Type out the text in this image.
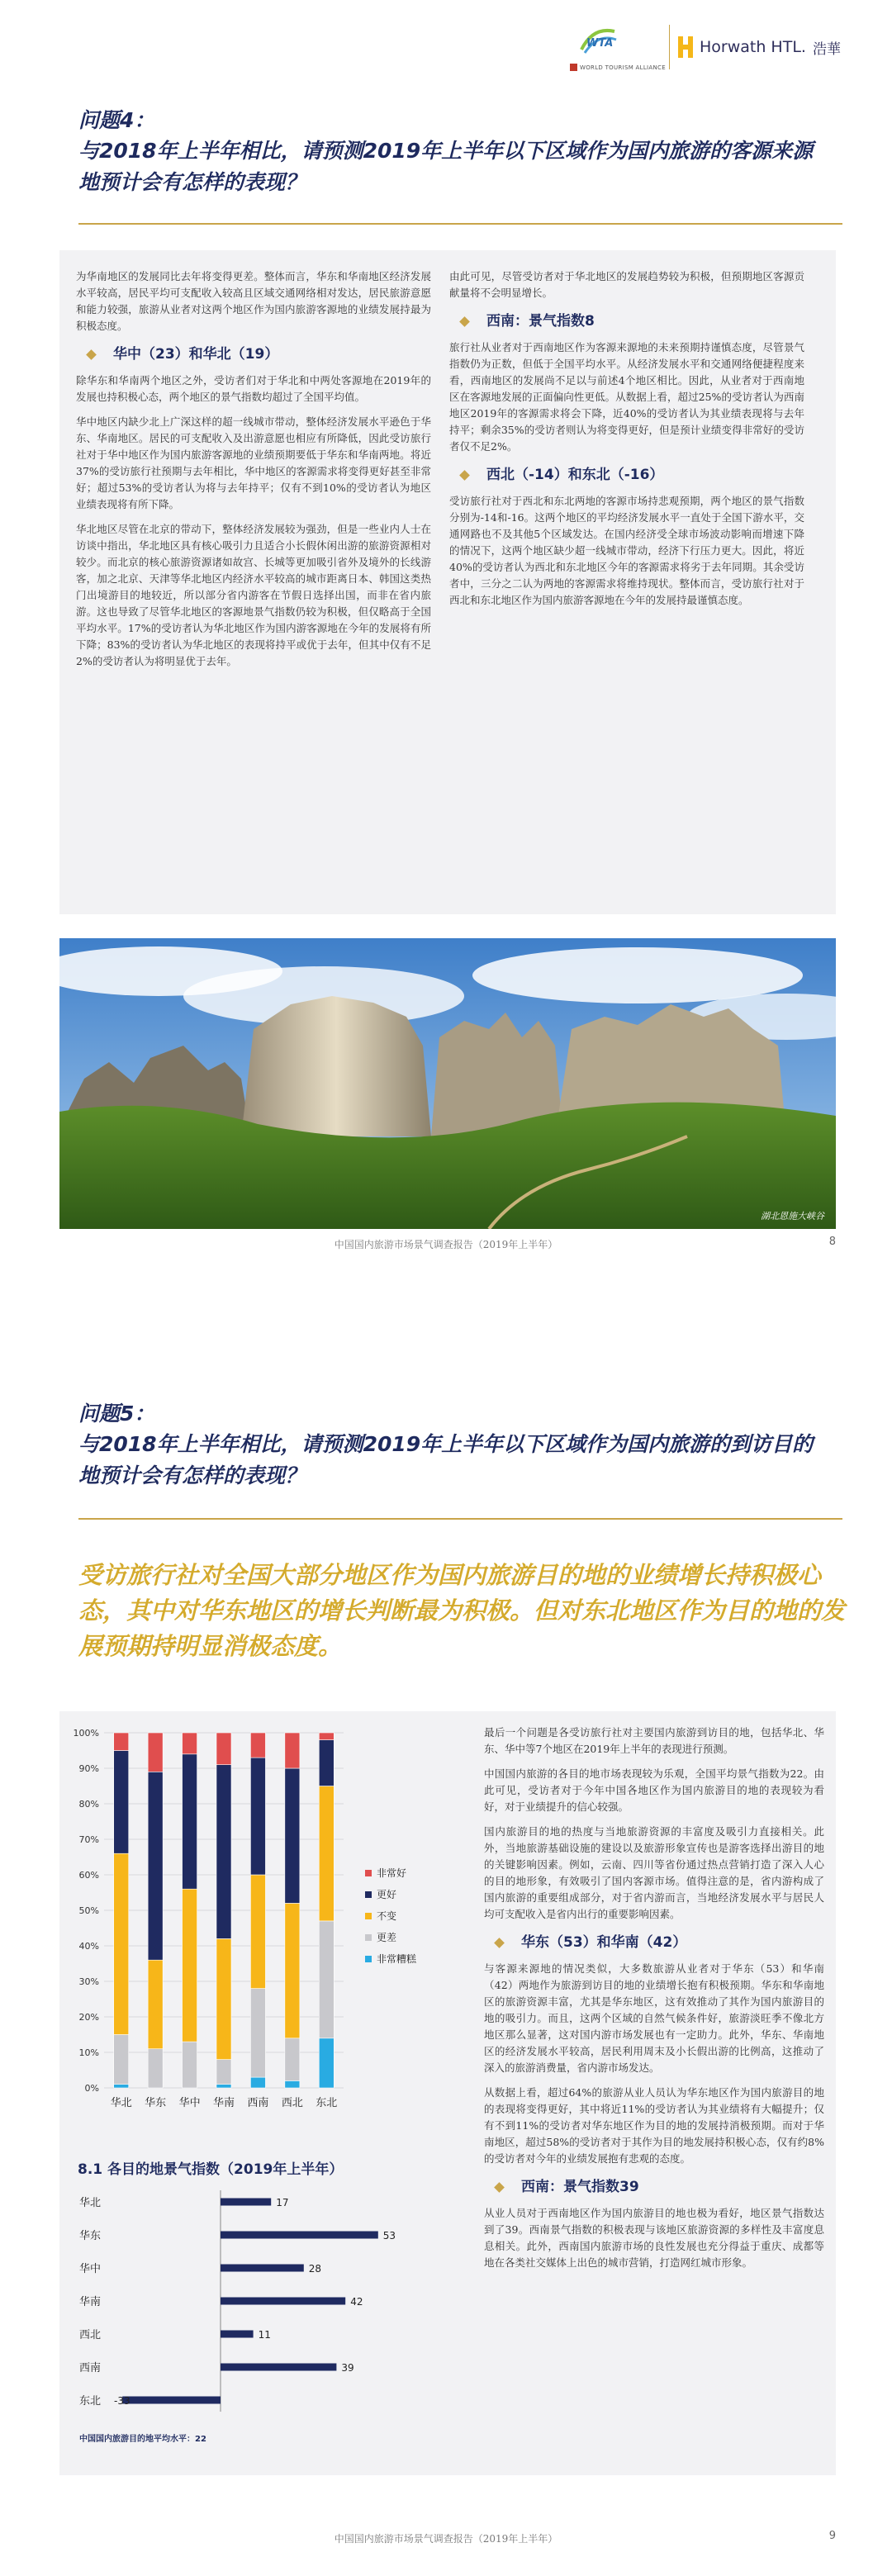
WTA
WORLD TOURISM ALLIANCE
Horwath HTL. 浩華
问题4：
与2018年上半年相比，请预测2019年上半年以下区域作为国内旅游的客源来源地预计会有怎样的表现？

为华南地区的发展同比去年将变得更差。整体而言，华东和华南地区经济发展水平较高，居民平均可支配收入较高且区域交通网络相对发达，居民旅游意愿和能力较强，旅游从业者对这两个地区作为国内旅游客源地的业绩发展持最为积极态度。

华中（23）和华北（19）

除华东和华南两个地区之外，受访者们对于华北和中两处客源地在2019年的发展也持积极心态，两个地区的景气指数均超过了全国平均值。

华中地区内缺少北上广深这样的超一线城市带动，整体经济发展水平逊色于华东、华南地区。居民的可支配收入及出游意愿也相应有所降低，因此受访旅行社对于华中地区作为国内旅游客源地的业绩预期要低于华东和华南两地。将近37%的受访旅行社预期与去年相比，华中地区的客源需求将变得更好甚至非常好；超过53%的受访者认为将与去年持平；仅有不到10%的受访者认为地区业绩表现将有所下降。

华北地区尽管在北京的带动下，整体经济发展较为强劲，但是一些业内人士在访谈中指出，华北地区具有核心吸引力且适合小长假休闲出游的旅游资源相对较少。而北京的核心旅游资源诸如故宫、长城等更加吸引省外及境外的长线游客，加之北京、天津等华北地区内经济水平较高的城市距离日本、韩国这类热门出境游目的地较近，所以部分省内游客在节假日选择出国，而非在省内旅游。这也导致了尽管华北地区的客源地景气指数仍较为积极，但仅略高于全国平均水平。17%的受访者认为华北地区作为国内游客源地在今年的发展将有所下降；83%的受访者认为华北地区的表现将持平或优于去年，但其中仅有不足2%的受访者认为将明显优于去年。

由此可见，尽管受访者对于华北地区的发展趋势较为积极，但预期地区客源贡献量将不会明显增长。

西南：景气指数8

旅行社从业者对于西南地区作为客源来源地的未来预期持谨慎态度，尽管景气指数仍为正数，但低于全国平均水平。从经济发展水平和交通网络便捷程度来看，西南地区的发展尚不足以与前述4个地区相比。因此，从业者对于西南地区在客源地发展的正面偏向性更低。从数据上看，超过25%的受访者认为西南地区2019年的客源需求将会下降，近40%的受访者认为其业绩表现将与去年持平；剩余35%的受访者则认为将变得更好，但是预计业绩变得非常好的受访者仅不足2%。

西北（-14）和东北（-16）

受访旅行社对于西北和东北两地的客源市场持悲观预期，两个地区的景气指数分别为-14和-16。这两个地区的平均经济发展水平一直处于全国下游水平，交通网路也不及其他5个区域发达。在国内经济受全球市场波动影响而增速下降的情况下，这两个地区缺少超一线城市带动，经济下行压力更大。因此，将近40%的受访者认为西北和东北地区今年的客源需求将劣于去年同期。其余受访者中，三分之二认为两地的客源需求将维持现状。整体而言，受访旅行社对于西北和东北地区作为国内旅游客源地在今年的发展持最谨慎态度。

湖北恩施大峡谷
中国国内旅游市场景气调查报告（2019年上半年）	8
问题5：
与2018年上半年相比，请预测2019年上半年以下区域作为国内旅游的到访目的地预计会有怎样的表现？
受访旅行社对全国大部分地区作为国内旅游目的地的业绩增长持积极心态，其中对华东地区的增长判断最为积极。但对东北地区作为目的地的发展预期持明显消极态度。
0%
10%
20%
30%
40%
50%
60%
70%
80%
90%
100%
华北 华东 华中 华南 西南 西北 东北
非常好
更好
不变
更差
非常糟糕
8.1 各目的地景气指数（2019年上半年）
华北	17
华东	53
华中	28
华南	42
西北	11
西南	39
东北 -33
中国国内旅游目的地平均水平：22

最后一个问题是各受访旅行社对主要国内旅游到访目的地，包括华北、华东、华中等7个地区在2019年上半年的表现进行预测。

中国国内旅游的各目的地市场表现较为乐观，全国平均景气指数为22。由此可见，受访者对于今年中国各地区作为国内旅游目的地的表现较为看好，对于业绩提升的信心较强。

国内旅游目的地的热度与当地旅游资源的丰富度及吸引力直接相关。此外，当地旅游基础设施的建设以及旅游形象宣传也是游客选择出游目的地的关键影响因素。例如，云南、四川等省份通过热点营销打造了深入人心的目的地形象，有效吸引了国内客源市场。值得注意的是，省内游构成了国内旅游的重要组成部分，对于省内游而言，当地经济发展水平与居民人均可支配收入是省内出行的重要影响因素。

华东（53）和华南（42）

与客源来源地的情况类似，大多数旅游从业者对于华东（53）和华南（42）两地作为旅游到访目的地的业绩增长抱有积极预期。华东和华南地区的旅游资源丰富，尤其是华东地区，这有效推动了其作为国内旅游目的地的吸引力。而且，这两个区域的自然气候条件好，旅游淡旺季不像北方地区那么显著，这对国内游市场发展也有一定助力。此外，华东、华南地区的经济发展水平较高，居民利用周末及小长假出游的比例高，这推动了深入的旅游消费量，省内游市场发达。

从数据上看，超过64%的旅游从业人员认为华东地区作为国内旅游目的地的表现将变得更好，其中将近11%的受访者认为其业绩将有大幅提升；仅有不到11%的受访者对华东地区作为目的地的发展持消极预期。而对于华南地区，超过58%的受访者对于其作为目的地发展持积极心态，仅有约8%的受访者对今年的业绩发展抱有悲观的态度。

西南：景气指数39

从业人员对于西南地区作为国内旅游目的地也极为看好，地区景气指数达到了39。西南景气指数的积极表现与该地区旅游资源的多样性及丰富度息息相关。此外，西南国内旅游市场的良性发展也充分得益于重庆、成都等地在各类社交媒体上出色的城市营销，打造网红城市形象。

中国国内旅游市场景气调查报告（2019年上半年）	9
